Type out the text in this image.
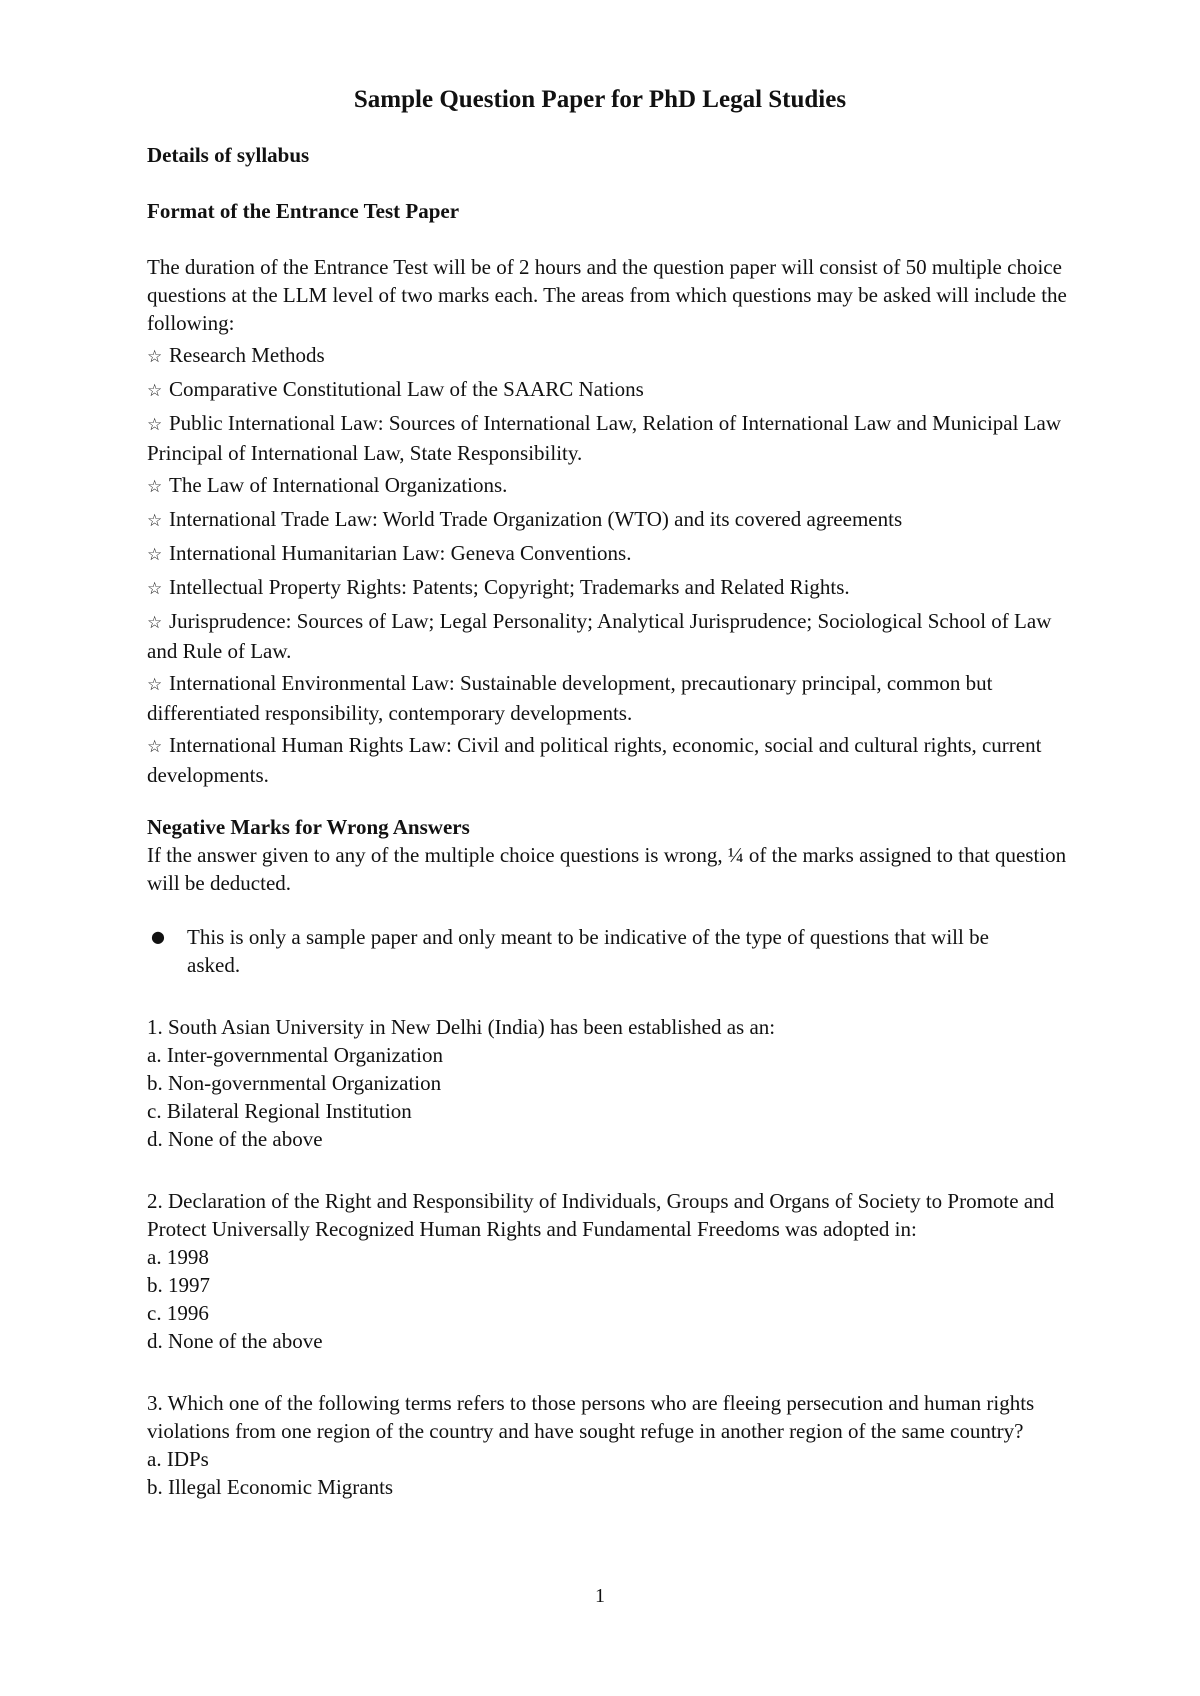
Sample Question Paper for PhD Legal Studies

Details of syllabus

Format of the Entrance Test Paper

The duration of the Entrance Test will be of 2 hours and the question paper will consist of 50 multiple choice questions at the LLM level of two marks each. The areas from which questions may be asked will include the following:

☆ Research Methods
☆ Comparative Constitutional Law of the SAARC Nations
☆ Public International Law: Sources of International Law, Relation of International Law and Municipal Law Principal of International Law, State Responsibility.
☆ The Law of International Organizations.
☆ International Trade Law: World Trade Organization (WTO) and its covered agreements
☆ International Humanitarian Law: Geneva Conventions.
☆ Intellectual Property Rights: Patents; Copyright; Trademarks and Related Rights.
☆ Jurisprudence: Sources of Law; Legal Personality; Analytical Jurisprudence; Sociological School of Law and Rule of Law.
☆ International Environmental Law: Sustainable development, precautionary principal, common but differentiated responsibility, contemporary developments.
☆ International Human Rights Law: Civil and political rights, economic, social and cultural rights, current developments.

Negative Marks for Wrong Answers

If the answer given to any of the multiple choice questions is wrong, ¼ of the marks assigned to that question will be deducted.

●	This is only a sample paper and only meant to be indicative of the type of questions that will be asked.

1. South Asian University in New Delhi (India) has been established as an:

a. Inter-governmental Organization
b. Non-governmental Organization
c. Bilateral Regional Institution
d. None of the above

2. Declaration of the Right and Responsibility of Individuals, Groups and Organs of Society to Promote and Protect Universally Recognized Human Rights and Fundamental Freedoms was adopted in:

a. 1998
b. 1997
c. 1996
d. None of the above

3. Which one of the following terms refers to those persons who are fleeing persecution and human rights violations from one region of the country and have sought refuge in another region of the same country?

a. IDPs
b. Illegal Economic Migrants
1
